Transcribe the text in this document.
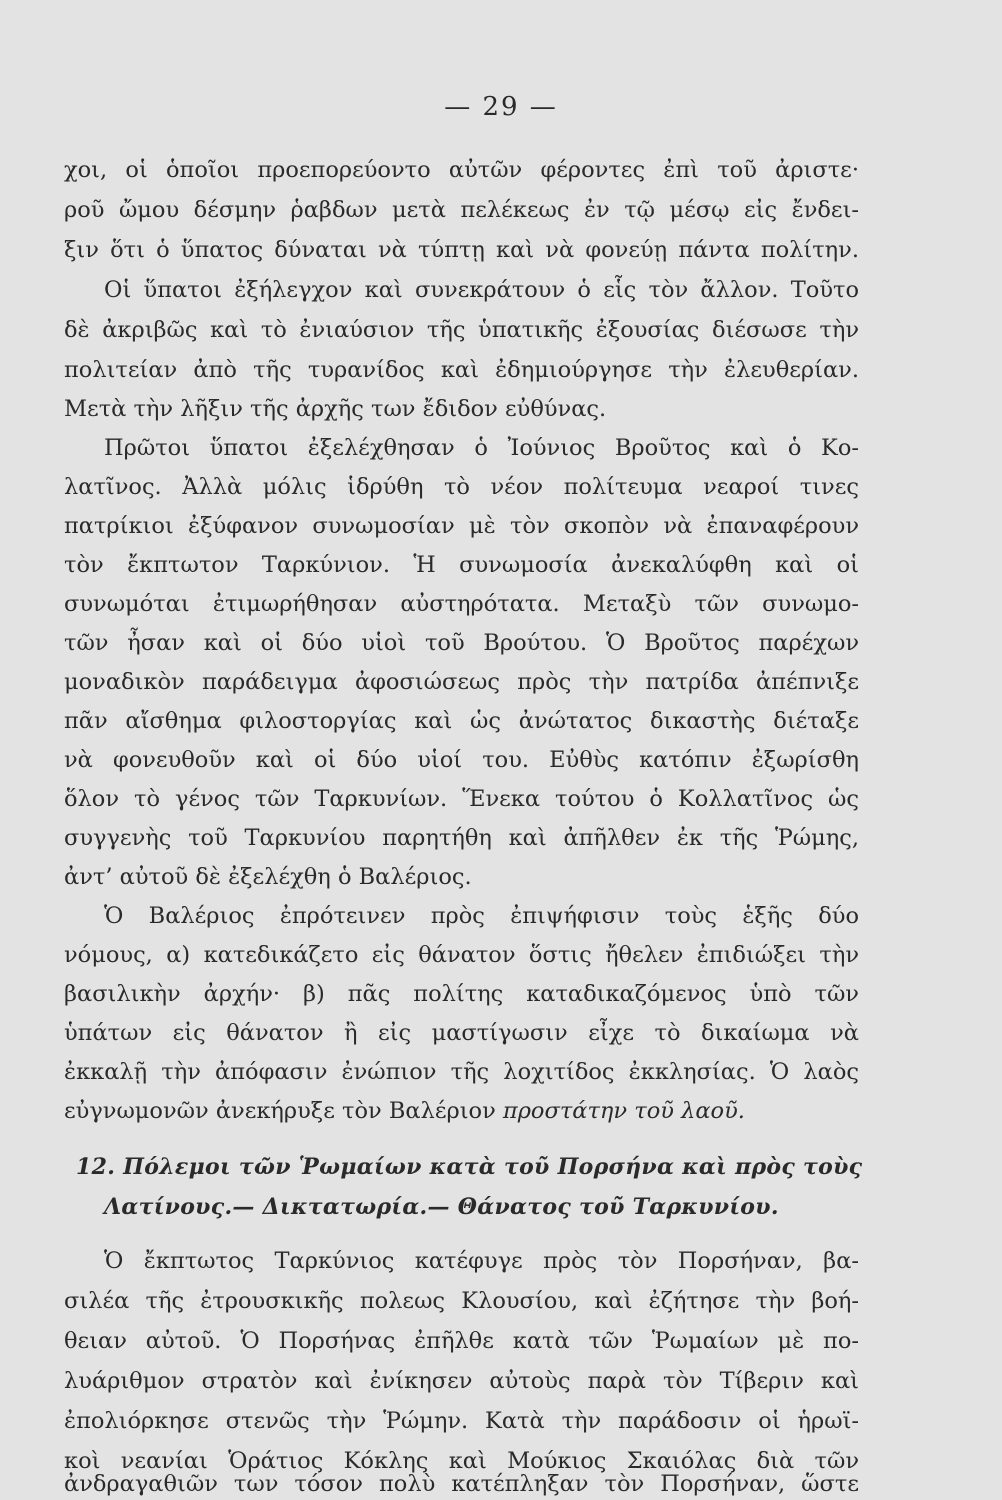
— 29 —
χοι, οἱ ὁποῖοι προεπορεύοντο αὐτῶν φέροντες ἐπὶ τοῦ ἀριστε·
ροῦ ὤμου δέσμην ῥαβδων μετὰ πελέκεως ἐν τῷ μέσῳ εἰς ἔνδει-
ξιν ὅτι ὁ ὕπατος δύναται νὰ τύπτῃ καὶ νὰ φονεύῃ πάντα πολίτην.
Οἱ ὕπατοι ἐξήλεγχον καὶ συνεκράτουν ὁ εἷς τὸν ἄλλον. Τοῦτο
δὲ ἀκριβῶς καὶ τὸ ἐνιαύσιον τῆς ὑπατικῆς ἐξουσίας διέσωσε τὴν
πολιτείαν ἀπὸ τῆς τυρανίδος καὶ ἐδημιούργησε τὴν ἐλευθερίαν.
Μετὰ τὴν λῆξιν τῆς ἀρχῆς των ἔδιδον εὐθύνας.
Πρῶτοι ὕπατοι ἐξελέχθησαν ὁ Ἰούνιος Βροῦτος καὶ ὁ Κο-
λατῖνος. Ἀλλὰ μόλις ἱδρύθη τὸ νέον πολίτευμα νεαροί τινες
πατρίκιοι ἐξύφανον συνωμοσίαν μὲ τὸν σκοπὸν νὰ ἐπαναφέρουν
τὸν ἔκπτωτον Ταρκύνιον. Ἡ συνωμοσία ἀνεκαλύφθη καὶ οἱ
συνωμόται ἐτιμωρήθησαν αὐστηρότατα. Μεταξὺ τῶν συνωμο-
τῶν ἦσαν καὶ οἱ δύο υἱοὶ τοῦ Βρούτου. Ὁ Βροῦτος παρέχων
μοναδικὸν παράδειγμα ἀφοσιώσεως πρὸς τὴν πατρίδα ἀπέπνιξε
πᾶν αἴσθημα φιλοστοργίας καὶ ὡς ἀνώτατος δικαστὴς διέταξε
νὰ φονευθοῦν καὶ οἱ δύο υἱοί του. Εὐθὺς κατόπιν ἐξωρίσθη
ὅλον τὸ γένος τῶν Ταρκυνίων. Ἕνεκα τούτου ὁ Κολλατῖνος ὡς
συγγενὴς τοῦ Ταρκυνίου παρητήθη καὶ ἀπῆλθεν ἐκ τῆς Ῥώμης,
ἀντ’ αὐτοῦ δὲ ἐξελέχθη ὁ Βαλέριος.
Ὁ Βαλέριος ἐπρότεινεν πρὸς ἐπιψήφισιν τοὺς ἑξῆς δύο
νόμους, α) κατεδικάζετο εἰς θάνατον ὅστις ἤθελεν ἐπιδιώξει τὴν
βασιλικὴν ἀρχήν· β) πᾶς πολίτης καταδικαζόμενος ὑπὸ τῶν
ὑπάτων εἰς θάνατον ἢ εἰς μαστίγωσιν εἶχε τὸ δικαίωμα νὰ
ἐκκαλῇ τὴν ἀπόφασιν ἐνώπιον τῆς λοχιτίδος ἐκκλησίας. Ὁ λαὸς
εὐγνωμονῶν ἀνεκήρυξε τὸν Βαλέριον προστάτην τοῦ λαοῦ.
12. Πόλεμοι τῶν Ῥωμαίων κατὰ τοῦ Πορσήνα καὶ πρὸς τοὺς
Λατίνους.— Δικτατωρία.— Θάνατος τοῦ Ταρκυνίου.
Ὁ ἔκπτωτος Ταρκύνιος κατέφυγε πρὸς τὸν Πορσήναν, βα-
σιλέα τῆς ἐτρουσκικῆς πολεως Κλουσίου, καὶ ἐζήτησε τὴν βοή-
θειαν αὐτοῦ. Ὁ Πορσήνας ἐπῆλθε κατὰ τῶν Ῥωμαίων μὲ πο-
λυάριθμον στρατὸν καὶ ἐνίκησεν αὐτοὺς παρὰ τὸν Τίβεριν καὶ
ἐπολιόρκησε στενῶς τὴν Ῥώμην. Κατὰ τὴν παράδοσιν οἱ ἡρωϊ-
κοὶ νεανίαι Ὁράτιος Κόκλης καὶ Μούκιος Σκαιόλας διὰ τῶν
ἀνδραγαθιῶν των τόσον πολὺ κατέπληξαν τὸν Πορσήναν, ὥστε
